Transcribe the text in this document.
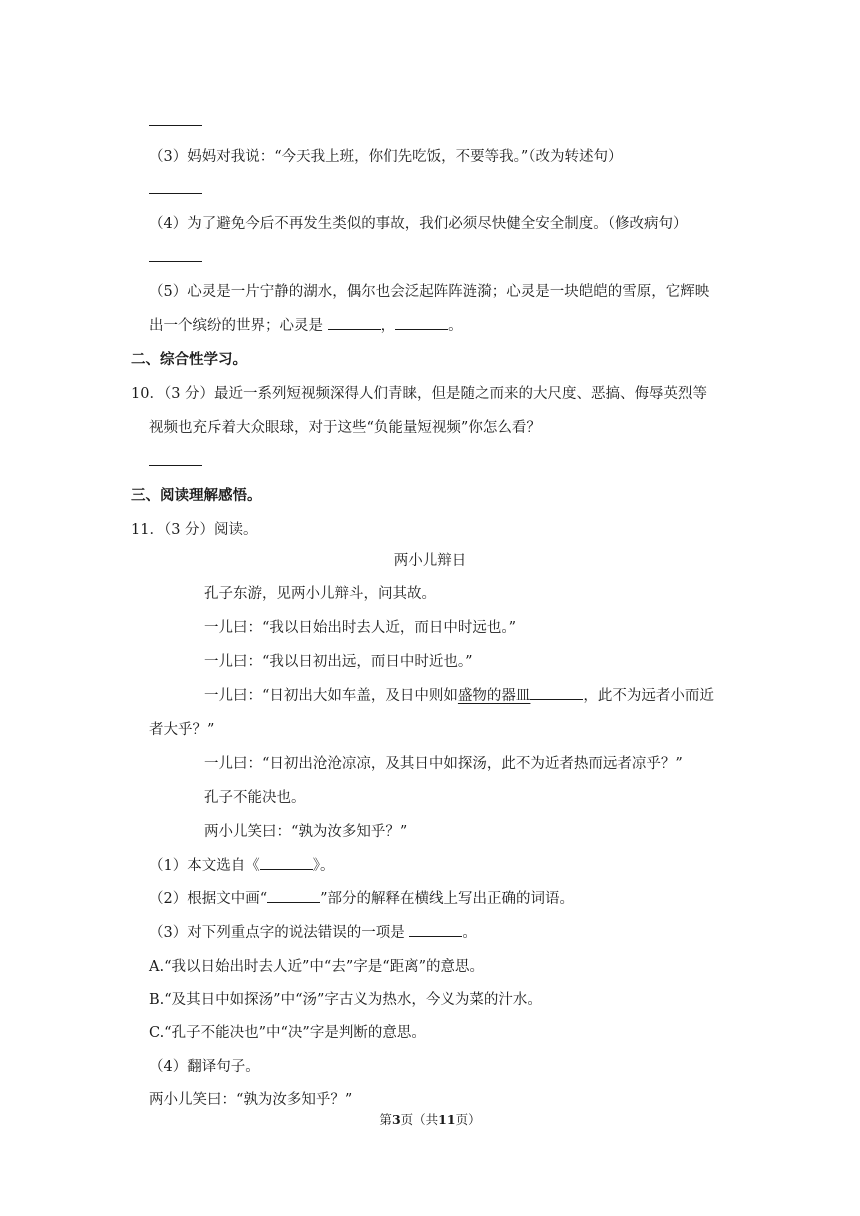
（3）妈妈对我说：“今天我上班，你们先吃饭，不要等我。”（改为转述句）
（4）为了避免今后不再发生类似的事故，我们必须尽快健全安全制度。（修改病句）
（5）心灵是一片宁静的湖水，偶尔也会泛起阵阵涟漪；心灵是一块皑皑的雪原，它辉映
出一个缤纷的世界；心灵是	，	。
二、综合性学习。
10．（3 分）最近一系列短视频深得人们青睐，但是随之而来的大尺度、恶搞、侮辱英烈等
视频也充斥着大众眼球，对于这些“负能量短视频”你怎么看？
三、阅读理解感悟。
11．（3 分）阅读。
两小儿辩日
孔子东游，见两小儿辩斗，问其故。
一儿曰：“我以日始出时去人近，而日中时远也。”
一儿曰：“我以日初出远，而日中时近也。”
一儿曰：“日初出大如车盖，及日中则如盛物的器皿	，此不为远者小而近
者大乎？”
一儿曰：“日初出沧沧凉凉，及其日中如探汤，此不为近者热而远者凉乎？”
孔子不能决也。
两小儿笑曰：“孰为汝多知乎？”
（1）本文选自《	》。
（2）根据文中画“	”部分的解释在横线上写出正确的词语。
（3）对下列重点字的说法错误的一项是	。
A.“我以日始出时去人近”中“去”字是“距离”的意思。
B.“及其日中如探汤”中“汤”字古义为热水，今义为菜的汁水。
C.“孔子不能决也”中“决”字是判断的意思。
（4）翻译句子。
两小儿笑曰：“孰为汝多知乎？”
第3页（共11页）
